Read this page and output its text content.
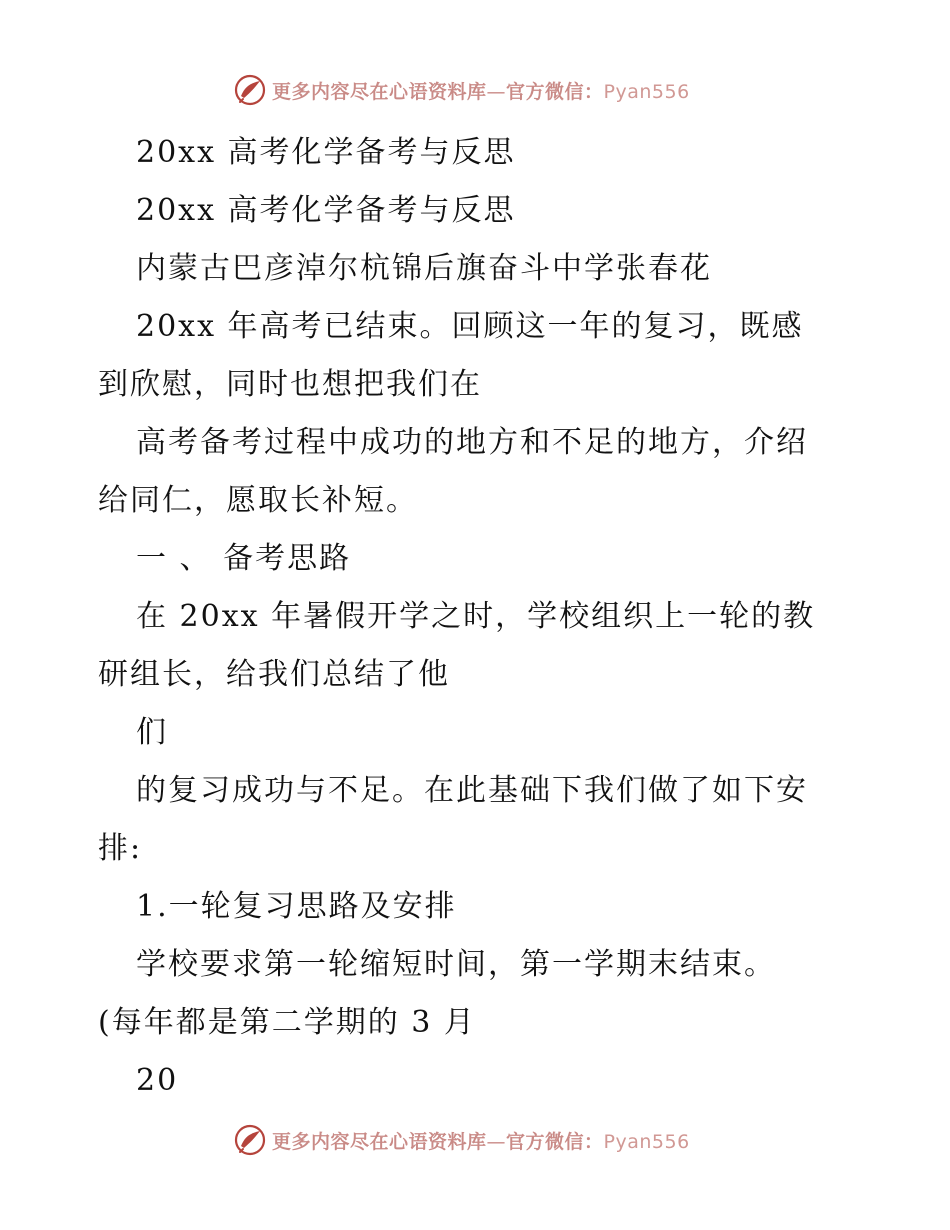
更多内容尽在心语资料库—官方微信：Pyan556
20xx 高考化学备考与反思
20xx 高考化学备考与反思
内蒙古巴彦淖尔杭锦后旗奋斗中学张春花
20xx 年高考已结束。回顾这一年的复习，既感
到欣慰，同时也想把我们在
高考备考过程中成功的地方和不足的地方，介绍
给同仁，愿取长补短。
一 、 备考思路
在 20xx 年暑假开学之时，学校组织上一轮的教
研组长，给我们总结了他
们
的复习成功与不足。在此基础下我们做了如下安
排:
1.一轮复习思路及安排
学校要求第一轮缩短时间，第一学期末结束。
(每年都是第二学期的 3 月
20
更多内容尽在心语资料库—官方微信：Pyan556
